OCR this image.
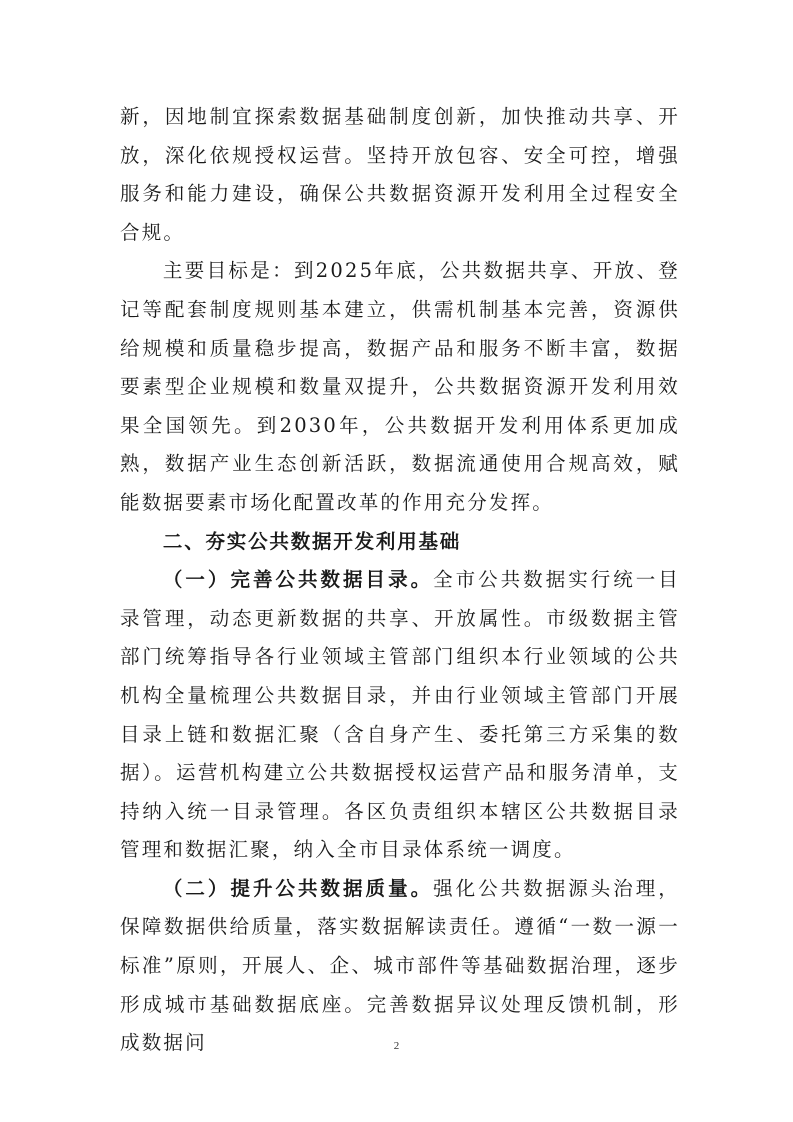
新，因地制宜探索数据基础制度创新，加快推动共享、开放，深化依规授权运营。坚持开放包容、安全可控，增强服务和能力建设，确保公共数据资源开发利用全过程安全合规。

主要目标是：到2025年底，公共数据共享、开放、登记等配套制度规则基本建立，供需机制基本完善，资源供给规模和质量稳步提高，数据产品和服务不断丰富，数据要素型企业规模和数量双提升，公共数据资源开发利用效果全国领先。到2030年，公共数据开发利用体系更加成熟，数据产业生态创新活跃，数据流通使用合规高效，赋能数据要素市场化配置改革的作用充分发挥。

二、夯实公共数据开发利用基础

（一）完善公共数据目录。全市公共数据实行统一目录管理，动态更新数据的共享、开放属性。市级数据主管部门统筹指导各行业领域主管部门组织本行业领域的公共机构全量梳理公共数据目录，并由行业领域主管部门开展目录上链和数据汇聚（含自身产生、委托第三方采集的数据）。运营机构建立公共数据授权运营产品和服务清单，支持纳入统一目录管理。各区负责组织本辖区公共数据目录管理和数据汇聚，纳入全市目录体系统一调度。

（二）提升公共数据质量。强化公共数据源头治理，保障数据供给质量，落实数据解读责任。遵循“一数一源一标准”原则，开展人、企、城市部件等基础数据治理，逐步形成城市基础数据底座。完善数据异议处理反馈机制，形成数据问	2
